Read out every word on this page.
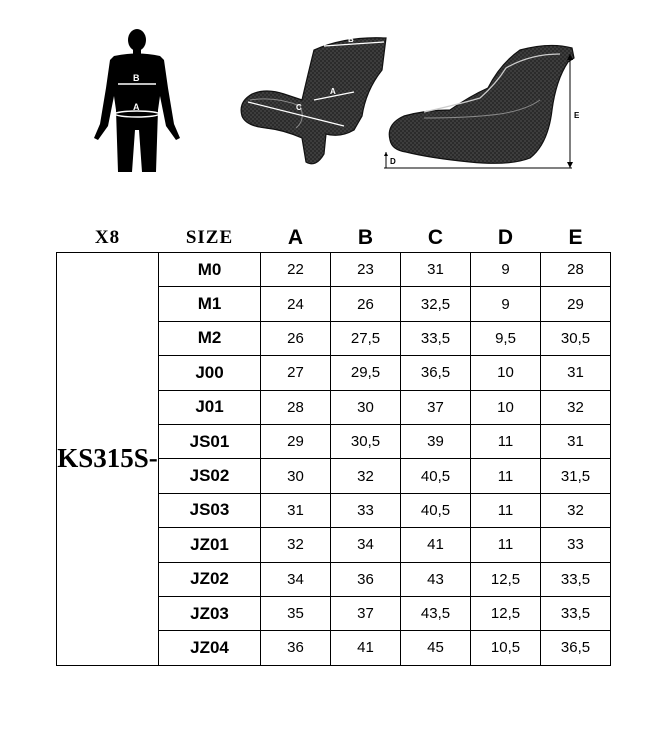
B
A
B
A
C
E
D
X8	SIZE	A	B	C	D	E
KS315S-	M0	22	23	31	9	28
	M1	24	26	32,5	9	29
	M2	26	27,5	33,5	9,5	30,5
	J00	27	29,5	36,5	10	31
	J01	28	30	37	10	32
	JS01	29	30,5	39	11	31
	JS02	30	32	40,5	11	31,5
	JS03	31	33	40,5	11	32
	JZ01	32	34	41	11	33
	JZ02	34	36	43	12,5	33,5
	JZ03	35	37	43,5	12,5	33,5
	JZ04	36	41	45	10,5	36,5
